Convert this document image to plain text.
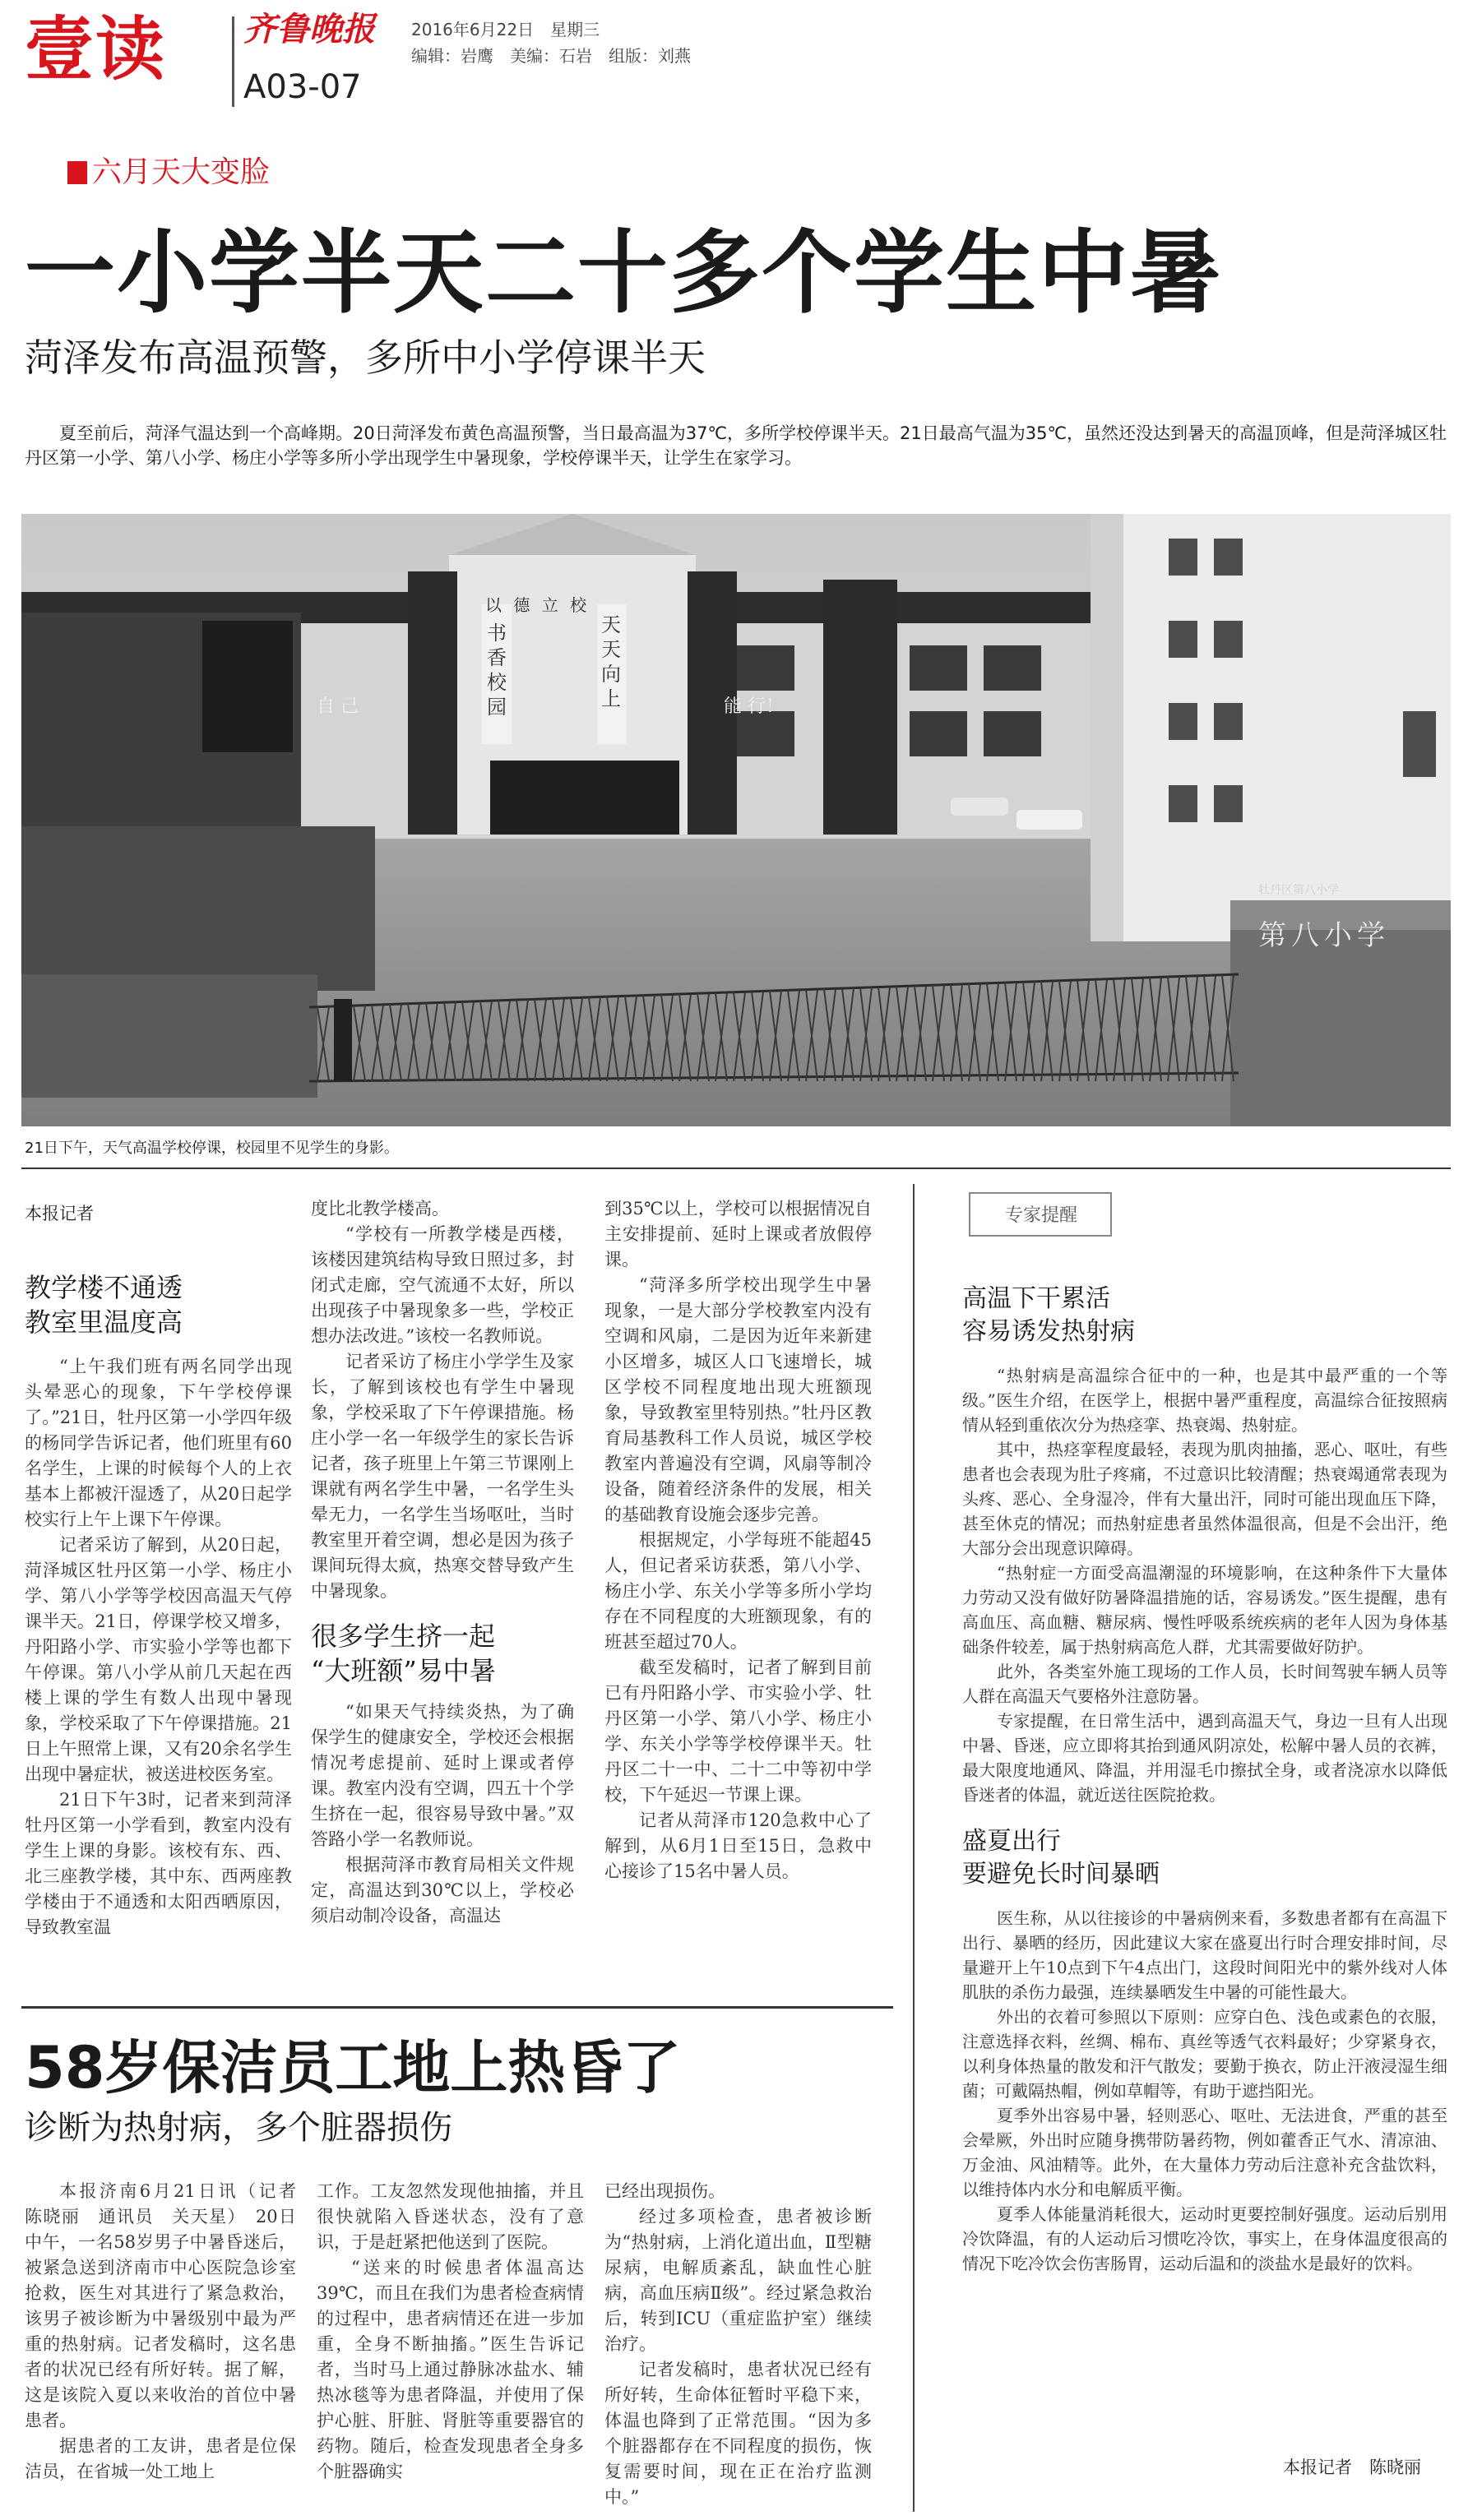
壹读 齐鲁晚报
A03-07
2016年6月22日　星期三
编辑：岩鹰　美编：石岩　组版：刘燕
六月天大变脸
一小学半天二十多个学生中暑
菏泽发布高温预警，多所中小学停课半天
夏至前后，菏泽气温达到一个高峰期。20日菏泽发布黄色高温预警，当日最高温为37℃，多所学校停课半天。21日最高气温为35℃，虽然还没达到暑天的高温顶峰，但是菏泽城区牡丹区第一小学、第八小学、杨庄小学等多所小学出现学生中暑现象，学校停课半天，让学生在家学习。
发 奋 成 才	以 德 立 校	快 乐 成 长
书香校园
天天向上
自 己	能 行！
第八小学
牡丹区第八小学
21日下午，天气高温学校停课，校园里不见学生的身影。
本报记者
教学楼不通透
教室里温度高

“上午我们班有两名同学出现头晕恶心的现象，下午学校停课了。”21日，牡丹区第一小学四年级的杨同学告诉记者，他们班里有60名学生，上课的时候每个人的上衣基本上都被汗湿透了，从20日起学校实行上午上课下午停课。

记者采访了解到，从20日起，菏泽城区牡丹区第一小学、杨庄小学、第八小学等学校因高温天气停课半天。21日，停课学校又增多，丹阳路小学、市实验小学等也都下午停课。第八小学从前几天起在西楼上课的学生有数人出现中暑现象，学校采取了下午停课措施。21日上午照常上课，又有20余名学生出现中暑症状，被送进校医务室。

21日下午3时，记者来到菏泽牡丹区第一小学看到，教室内没有学生上课的身影。该校有东、西、北三座教学楼，其中东、西两座教学楼由于不通透和太阳西晒原因，导致教室温

度比北教学楼高。

“学校有一所教学楼是西楼，该楼因建筑结构导致日照过多，封闭式走廊，空气流通不太好，所以出现孩子中暑现象多一些，学校正想办法改进。”该校一名教师说。

记者采访了杨庄小学学生及家长，了解到该校也有学生中暑现象，学校采取了下午停课措施。杨庄小学一名一年级学生的家长告诉记者，孩子班里上午第三节课刚上课就有两名学生中暑，一名学生头晕无力，一名学生当场呕吐，当时教室里开着空调，想必是因为孩子课间玩得太疯，热寒交替导致产生中暑现象。

很多学生挤一起
“大班额”易中暑

“如果天气持续炎热，为了确保学生的健康安全，学校还会根据情况考虑提前、延时上课或者停课。教室内没有空调，四五十个学生挤在一起，很容易导致中暑。”双答路小学一名教师说。

根据菏泽市教育局相关文件规定，高温达到30℃以上，学校必须启动制冷设备，高温达

到35℃以上，学校可以根据情况自主安排提前、延时上课或者放假停课。

“菏泽多所学校出现学生中暑现象，一是大部分学校教室内没有空调和风扇，二是因为近年来新建小区增多，城区人口飞速增长，城区学校不同程度地出现大班额现象，导致教室里特别热。”牡丹区教育局基教科工作人员说，城区学校教室内普遍没有空调，风扇等制冷设备，随着经济条件的发展，相关的基础教育设施会逐步完善。

根据规定，小学每班不能超45人，但记者采访获悉，第八小学、杨庄小学、东关小学等多所小学均存在不同程度的大班额现象，有的班甚至超过70人。

截至发稿时，记者了解到目前已有丹阳路小学、市实验小学、牡丹区第一小学、第八小学、杨庄小学、东关小学等学校停课半天。牡丹区二十一中、二十二中等初中学校，下午延迟一节课上课。

记者从菏泽市120急救中心了解到，从6月1日至15日，急救中心接诊了15名中暑人员。

专家提醒
高温下干累活
容易诱发热射病

“热射病是高温综合征中的一种，也是其中最严重的一个等级。”医生介绍，在医学上，根据中暑严重程度，高温综合征按照病情从轻到重依次分为热痉挛、热衰竭、热射症。

其中，热痉挛程度最轻，表现为肌肉抽搐，恶心、呕吐，有些患者也会表现为肚子疼痛，不过意识比较清醒；热衰竭通常表现为头疼、恶心、全身湿冷，伴有大量出汗，同时可能出现血压下降，甚至休克的情况；而热射症患者虽然体温很高，但是不会出汗，绝大部分会出现意识障碍。

“热射症一方面受高温潮湿的环境影响，在这种条件下大量体力劳动又没有做好防暑降温措施的话，容易诱发。”医生提醒，患有高血压、高血糖、糖尿病、慢性呼吸系统疾病的老年人因为身体基础条件较差，属于热射病高危人群，尤其需要做好防护。

此外，各类室外施工现场的工作人员，长时间驾驶车辆人员等人群在高温天气要格外注意防暑。

专家提醒，在日常生活中，遇到高温天气，身边一旦有人出现中暑、昏迷，应立即将其抬到通风阴凉处，松解中暑人员的衣裤，最大限度地通风、降温，并用湿毛巾擦拭全身，或者浇凉水以降低昏迷者的体温，就近送往医院抢救。

盛夏出行
要避免长时间暴晒

医生称，从以往接诊的中暑病例来看，多数患者都有在高温下出行、暴晒的经历，因此建议大家在盛夏出行时合理安排时间，尽量避开上午10点到下午4点出门，这段时间阳光中的紫外线对人体肌肤的杀伤力最强，连续暴晒发生中暑的可能性最大。

外出的衣着可参照以下原则：应穿白色、浅色或素色的衣服，注意选择衣料，丝绸、棉布、真丝等透气衣料最好；少穿紧身衣，以利身体热量的散发和汗气散发；要勤于换衣，防止汗液浸湿生细菌；可戴隔热帽，例如草帽等，有助于遮挡阳光。

夏季外出容易中暑，轻则恶心、呕吐、无法进食，严重的甚至会晕厥，外出时应随身携带防暑药物，例如藿香正气水、清凉油、万金油、风油精等。此外，在大量体力劳动后注意补充含盐饮料，以维持体内水分和电解质平衡。

夏季人体能量消耗很大，运动时更要控制好强度。运动后别用冷饮降温，有的人运动后习惯吃冷饮，事实上，在身体温度很高的情况下吃冷饮会伤害肠胃，运动后温和的淡盐水是最好的饮料。

本报记者　陈晓丽
58岁保洁员工地上热昏了
诊断为热射病，多个脏器损伤

本报济南6月21日讯（记者　陈晓丽　通讯员　关天星）　20日中午，一名58岁男子中暑昏迷后，被紧急送到济南市中心医院急诊室抢救，医生对其进行了紧急救治，该男子被诊断为中暑级别中最为严重的热射病。记者发稿时，这名患者的状况已经有所好转。据了解，这是该院入夏以来收治的首位中暑患者。

据患者的工友讲，患者是位保洁员，在省城一处工地上

工作。工友忽然发现他抽搐，并且很快就陷入昏迷状态，没有了意识，于是赶紧把他送到了医院。

“送来的时候患者体温高达39℃，而且在我们为患者检查病情的过程中，患者病情还在进一步加重，全身不断抽搐。”医生告诉记者，当时马上通过静脉冰盐水、辅热冰毯等为患者降温，并使用了保护心脏、肝脏、肾脏等重要器官的药物。随后，检查发现患者全身多个脏器确实

已经出现损伤。

经过多项检查，患者被诊断为“热射病，上消化道出血，Ⅱ型糖尿病，电解质紊乱，缺血性心脏病，高血压病Ⅱ级”。经过紧急救治后，转到ICU（重症监护室）继续治疗。

记者发稿时，患者状况已经有所好转，生命体征暂时平稳下来，体温也降到了正常范围。“因为多个脏器都存在不同程度的损伤，恢复需要时间，现在正在治疗监测中。”
